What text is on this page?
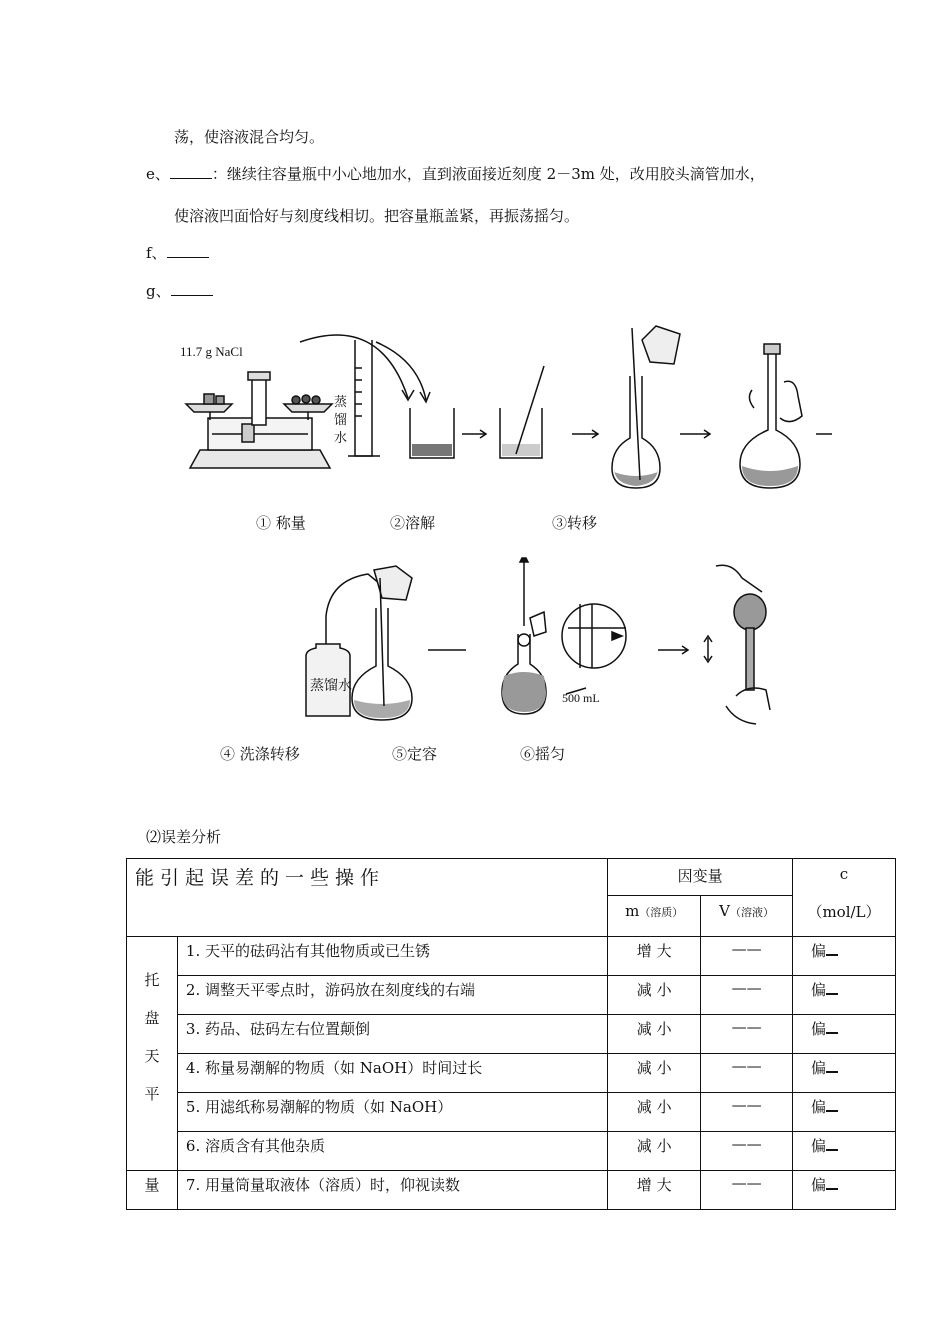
荡，使溶液混合均匀。
e、	：继续往容量瓶中小心地加水，直到液面接近刻度 2－3m 处，改用胶头滴管加水，
使溶液凹面恰好与刻度线相切。把容量瓶盖紧，再振荡摇匀。
f、
g、
11.7 g NaCl
蒸
馏
水
① 称量	②溶解	③转移
蒸馏水
500 mL
④ 洗涤转移	⑤定容	⑥摇匀
⑵误差分析
能引起误差的一些操作		因变量		c
（mol/L）

		m（溶质）	V（溶液）	

托
盘
天
平	1. 天平的砝码沾有其他物质或已生锈	增 大	——	偏

	2. 调整天平零点时，游码放在刻度线的右端	减 小	——	偏

	3. 药品、砝码左右位置颠倒	减 小	——	偏

	4. 称量易潮解的物质（如 NaOH）时间过长	减 小	——	偏

	5. 用滤纸称易潮解的物质（如 NaOH）	减 小	——	偏

	6. 溶质含有其他杂质	减 小	——	偏

量	7. 用量筒量取液体（溶质）时，仰视读数	增 大	——	偏
